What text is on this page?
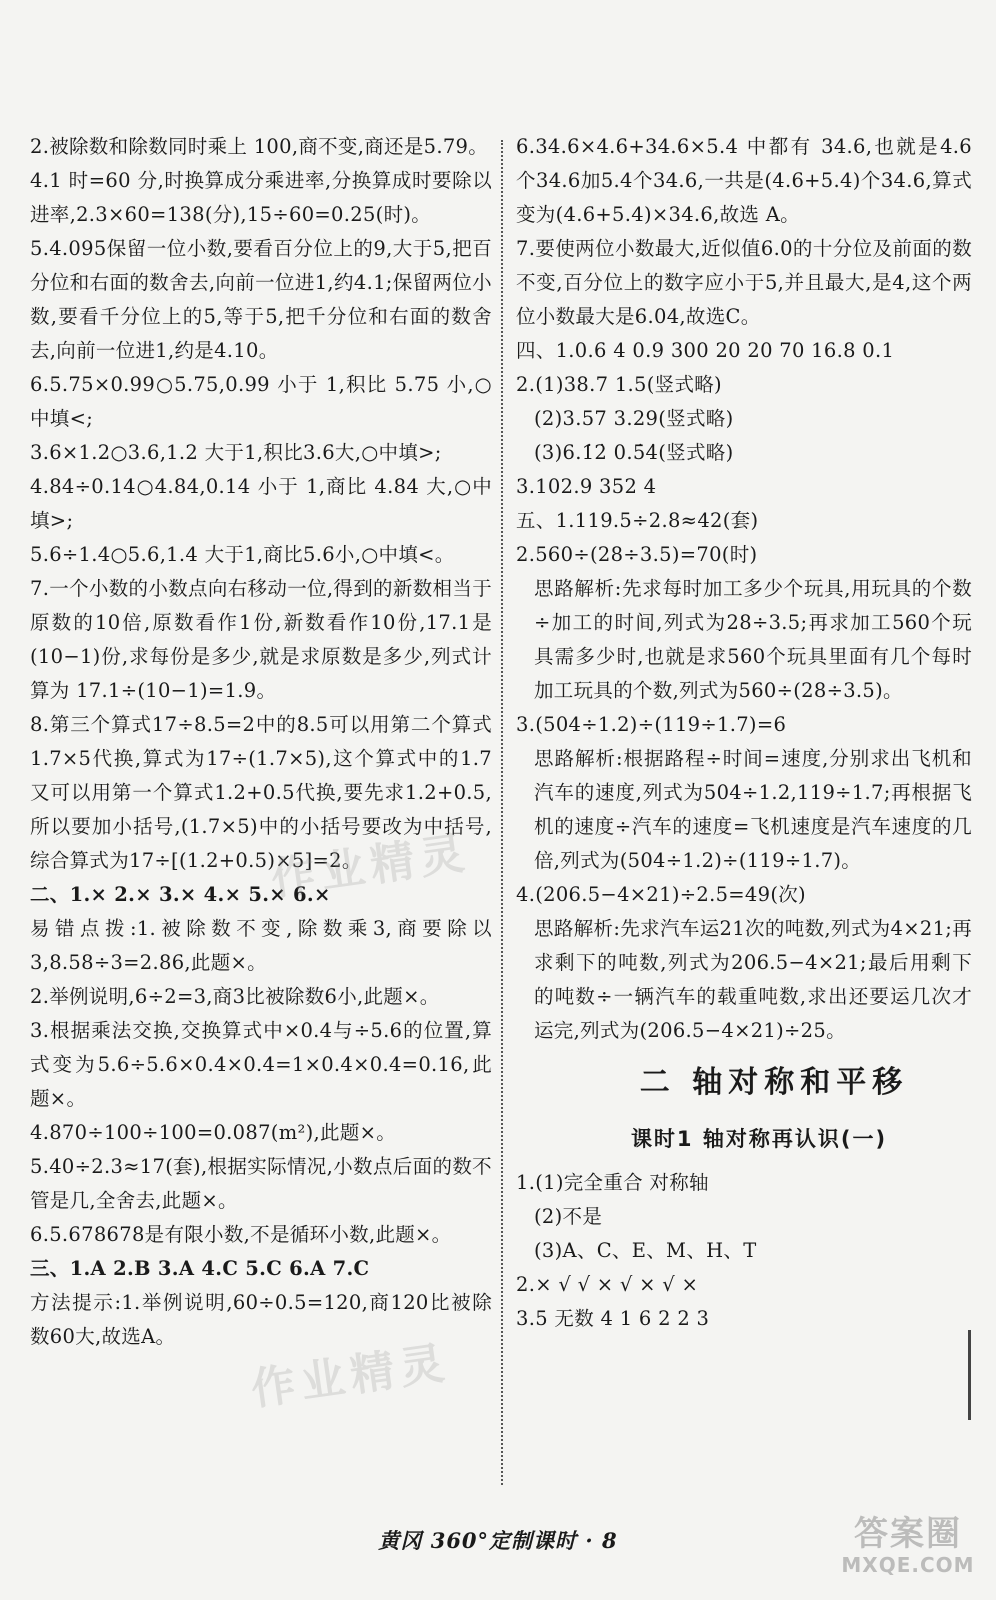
2.被除数和除数同时乘上 100,商不变,商还是5.79。

4.1 时=60 分,时换算成分乘进率,分换算成时要除以进率,2.3×60=138(分),15÷60=0.25(时)。

5.4.095保留一位小数,要看百分位上的9,大于5,把百分位和右面的数舍去,向前一位进1,约4.1;保留两位小数,要看千分位上的5,等于5,把千分位和右面的数舍去,向前一位进1,约是4.10。

6.5.75×0.99○5.75,0.99 小于 1,积比 5.75 小,○中填<;

3.6×1.2○3.6,1.2 大于1,积比3.6大,○中填>;

4.84÷0.14○4.84,0.14 小于 1,商比 4.84 大,○中填>;

5.6÷1.4○5.6,1.4 大于1,商比5.6小,○中填<。

7.一个小数的小数点向右移动一位,得到的新数相当于原数的10倍,原数看作1份,新数看作10份,17.1是(10−1)份,求每份是多少,就是求原数是多少,列式计算为 17.1÷(10−1)=1.9。

8.第三个算式17÷8.5=2中的8.5可以用第二个算式1.7×5代换,算式为17÷(1.7×5),这个算式中的1.7又可以用第一个算式1.2+0.5代换,要先求1.2+0.5,所以要加小括号,(1.7×5)中的小括号要改为中括号,综合算式为17÷[(1.2+0.5)×5]=2。

二、1.× 2.× 3.× 4.× 5.× 6.×

易错点拨:1.被除数不变,除数乘3,商要除以3,8.58÷3=2.86,此题×。

2.举例说明,6÷2=3,商3比被除数6小,此题×。

3.根据乘法交换,交换算式中×0.4与÷5.6的位置,算式变为5.6÷5.6×0.4×0.4=1×0.4×0.4=0.16,此题×。

4.870÷100÷100=0.087(m²),此题×。

5.40÷2.3≈17(套),根据实际情况,小数点后面的数不管是几,全舍去,此题×。

6.5.678678是有限小数,不是循环小数,此题×。

三、1.A 2.B 3.A 4.C 5.C 6.A 7.C

方法提示:1.举例说明,60÷0.5=120,商120比被除数60大,故选A。

6.34.6×4.6+34.6×5.4 中都有 34.6,也就是4.6个34.6加5.4个34.6,一共是(4.6+5.4)个34.6,算式变为(4.6+5.4)×34.6,故选 A。

7.要使两位小数最大,近似值6.0的十分位及前面的数不变,百分位上的数字应小于5,并且最大,是4,这个两位小数最大是6.04,故选C。

四、1.0.6 4 0.9 300 20 20 70 16.8 0.1

2.(1)38.7 1.5(竖式略)

(2)3.57 3.29(竖式略)

(3)6.1̇2̇ 0.5̇4̇(竖式略)

3.102.9 352 4

五、1.119.5÷2.8≈42(套)

2.560÷(28÷3.5)=70(时)

思路解析:先求每时加工多少个玩具,用玩具的个数÷加工的时间,列式为28÷3.5;再求加工560个玩具需多少时,也就是求560个玩具里面有几个每时加工玩具的个数,列式为560÷(28÷3.5)。

3.(504÷1.2)÷(119÷1.7)=6

思路解析:根据路程÷时间=速度,分别求出飞机和汽车的速度,列式为504÷1.2,119÷1.7;再根据飞机的速度÷汽车的速度=飞机速度是汽车速度的几倍,列式为(504÷1.2)÷(119÷1.7)。

4.(206.5−4×21)÷2.5=49(次)

思路解析:先求汽车运21次的吨数,列式为4×21;再求剩下的吨数,列式为206.5−4×21;最后用剩下的吨数÷一辆汽车的载重吨数,求出还要运几次才运完,列式为(206.5−4×21)÷25。

二 轴对称和平移
课时1 轴对称再认识(一)

1.(1)完全重合 对称轴

(2)不是

(3)A、C、E、M、H、T

2.× √ √ × √ × √ ×

3.5 无数 4 1 6 2 2 3

作业精灵
作业精灵
黄冈 360°定制课时 · 8	答案圈
MXQE.COM
